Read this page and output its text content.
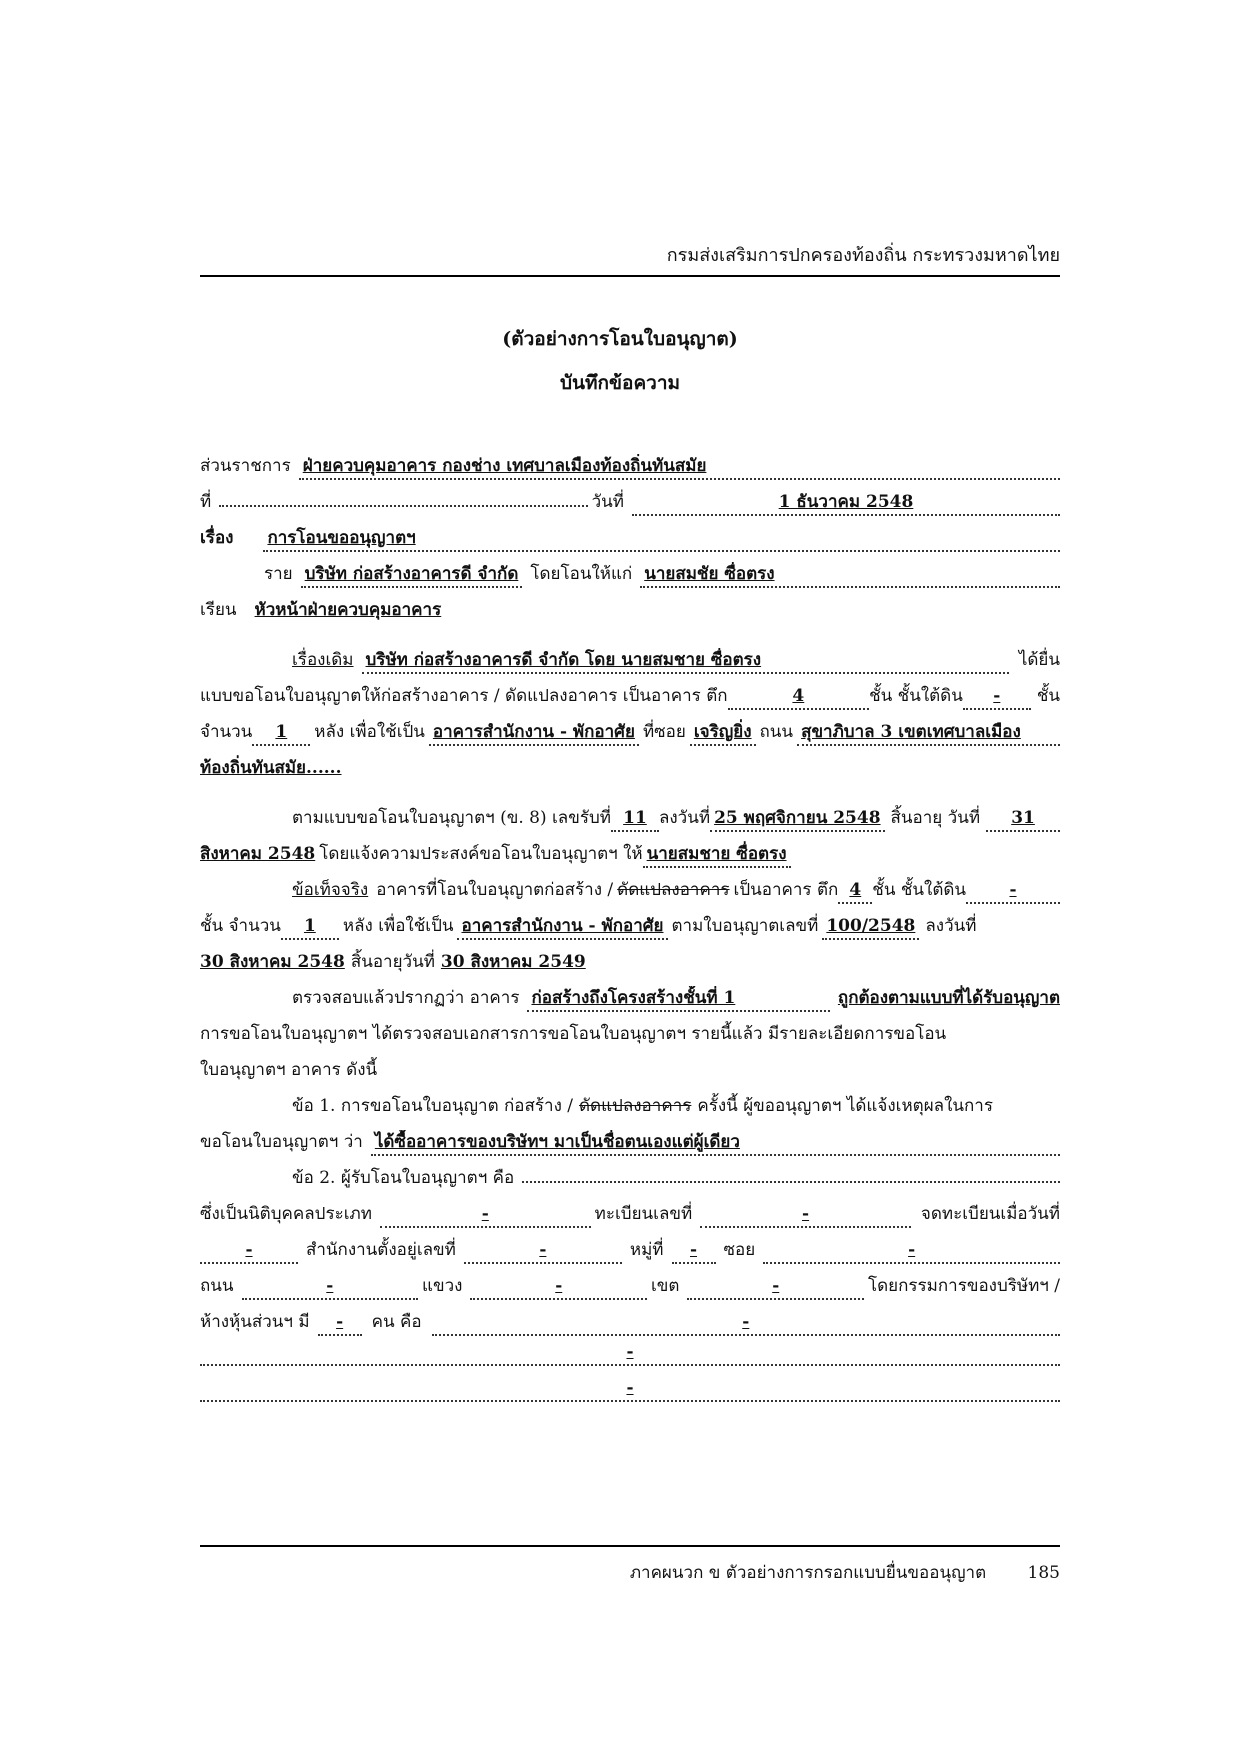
กรมส่งเสริมการปกครองท้องถิ่น กระทรวงมหาดไทย
(ตัวอย่างการโอนใบอนุญาต)
บันทึกข้อความ
ส่วนราชการ ฝ่ายควบคุมอาคาร กองช่าง เทศบาลเมืองท้องถิ่นทันสมัย
ที่	วันที่	1 ธันวาคม 2548
เรื่อง	การโอนขออนุญาตฯ
ราย บริษัท ก่อสร้างอาคารดี จำกัด โดยโอนให้แก่ นายสมชัย ซื่อตรง
เรียน	หัวหน้าฝ่ายควบคุมอาคาร
เรื่องเดิม บริษัท ก่อสร้างอาคารดี จำกัด โดย นายสมชาย ซื่อตรง	ได้ยื่น
แบบขอโอนใบอนุญาตให้ก่อสร้างอาคาร / ดัดแปลงอาคาร เป็นอาคาร ตึก	4	ชั้น ชั้นใต้ดิน	-	ชั้น
จำนวน	1	หลัง เพื่อใช้เป็น อาคารสำนักงาน - พักอาศัย ที่ซอย เจริญยิ่ง ถนน สุขาภิบาล 3 เขตเทศบาลเมือง
ท้องถิ่นทันสมัย......
ตามแบบขอโอนใบอนุญาตฯ (ข. 8) เลขรับที่ 11 ลงวันที่ 25 พฤศจิกายน 2548 สิ้นอายุ วันที่	31
สิงหาคม 2548 โดยแจ้งความประสงค์ขอโอนใบอนุญาตฯ ให้ นายสมชาย ซื่อตรง
ข้อเท็จจริง อาคารที่โอนใบอนุญาตก่อสร้าง / ดัดแปลงอาคาร เป็นอาคาร ตึก 4 ชั้น ชั้นใต้ดิน	-
ชั้น จำนวน	1	หลัง เพื่อใช้เป็น อาคารสำนักงาน - พักอาศัย ตามใบอนุญาตเลขที่ 100/2548 ลงวันที่
30 สิงหาคม 2548 สิ้นอายุวันที่ 30 สิงหาคม 2549
ตรวจสอบแล้วปรากฏว่า อาคาร ก่อสร้างถึงโครงสร้างชั้นที่ 1	ถูกต้องตามแบบที่ได้รับอนุญาต
การขอโอนใบอนุญาตฯ ได้ตรวจสอบเอกสารการขอโอนใบอนุญาตฯ รายนี้แล้ว มีรายละเอียดการขอโอน
ใบอนุญาตฯ อาคาร ดังนี้
ข้อ 1. การขอโอนใบอนุญาต ก่อสร้าง / ดัดแปลงอาคาร ครั้งนี้ ผู้ขออนุญาตฯ ได้แจ้งเหตุผลในการ
ขอโอนใบอนุญาตฯ ว่า ได้ซื้ออาคารของบริษัทฯ มาเป็นชื่อตนเองแต่ผู้เดียว
ข้อ 2. ผู้รับโอนใบอนุญาตฯ คือ
ซึ่งเป็นนิติบุคคลประเภท	-	ทะเบียนเลขที่	-	จดทะเบียนเมื่อวันที่
-	สำนักงานตั้งอยู่เลขที่	-	หมู่ที่	-	ซอย	-
ถนน	-	แขวง	-	เขต	-	โดยกรรมการของบริษัทฯ /
ห้างหุ้นส่วนฯ มี	-	คน คือ	-
-
-
ภาคผนวก ข ตัวอย่างการกรอกแบบยื่นขออนุญาต 185
